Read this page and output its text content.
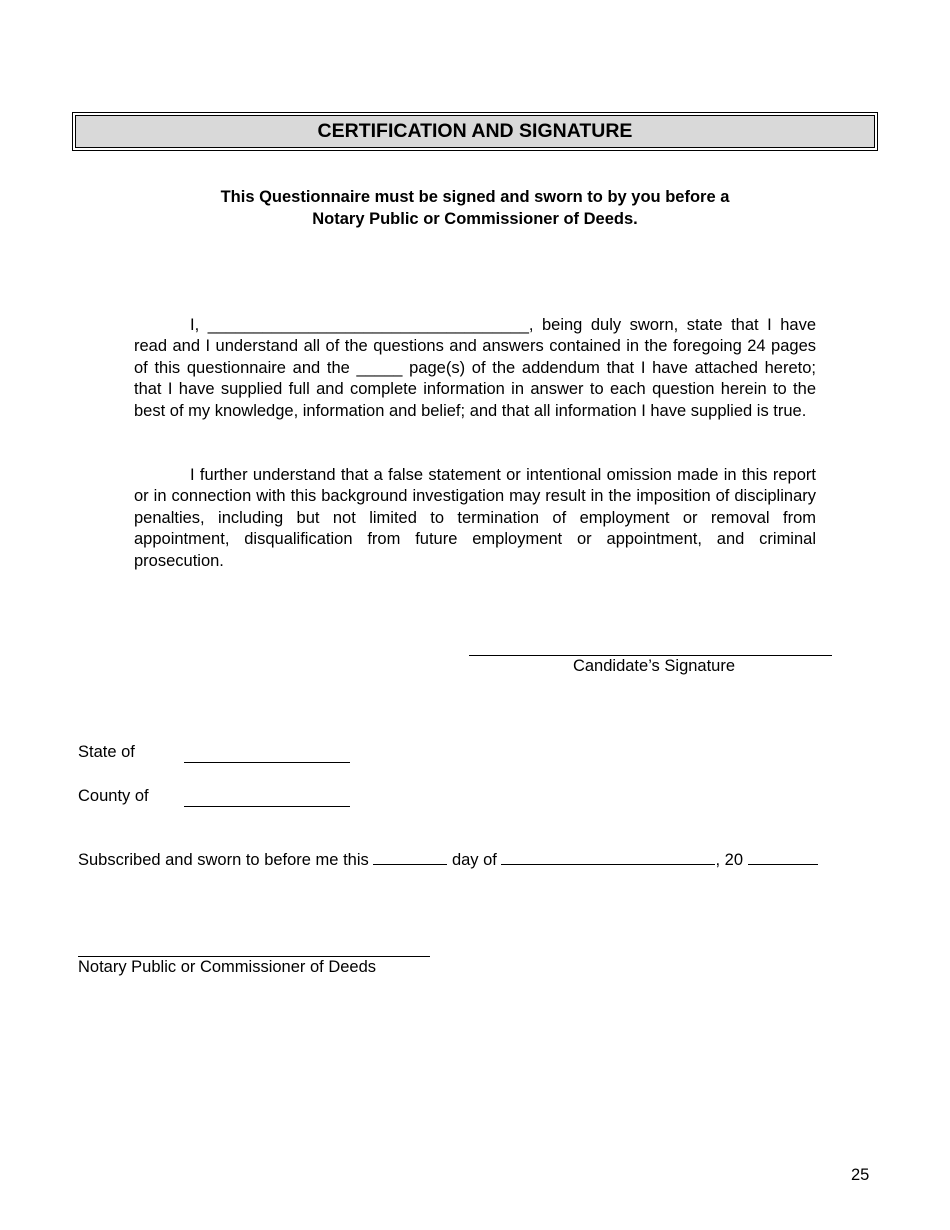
CERTIFICATION AND SIGNATURE
This Questionnaire must be signed and sworn to by you before a
Notary Public or Commissioner of Deeds.

I, ___________________________________, being duly sworn, state that I have read and I understand all of the questions and answers contained in the foregoing 24 pages of this questionnaire and the _____ page(s) of the addendum that I have attached hereto; that I have supplied full and complete information in answer to each question herein to the best of my knowledge, information and belief; and that all information I have supplied is true.

I further understand that a false statement or intentional omission made in this report or in connection with this background investigation may result in the imposition of disciplinary penalties, including but not limited to termination of employment or removal from appointment, disqualification from future employment or appointment, and criminal prosecution.

Candidate’s Signature
State of
County of
Subscribed and sworn to before me this	day of	, 20
Notary Public or Commissioner of Deeds
25
